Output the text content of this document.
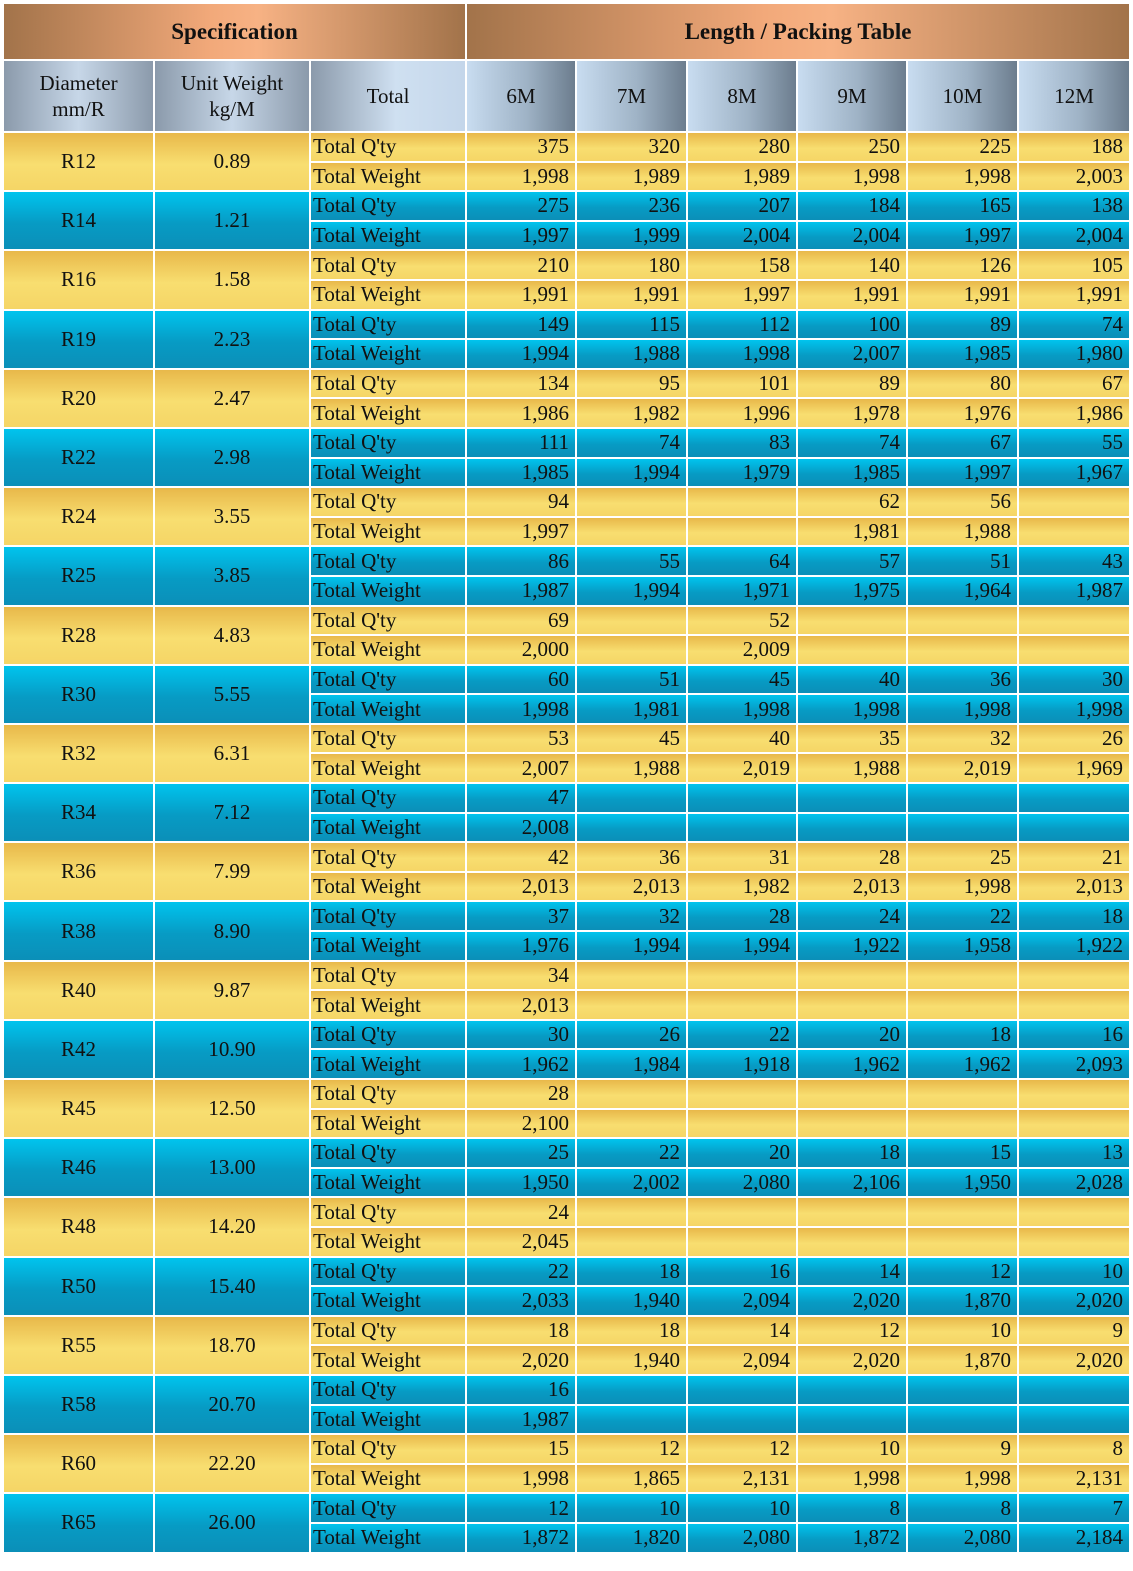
Specification			Length / Packing Table					
Diameter
mm/R	Unit Weight
kg/M	Total	6M	7M	8M	9M	10M	12M
R12	0.89	Total Q'ty	375	320	280	250	225	188
		Total Weight	1,998	1,989	1,989	1,998	1,998	2,003
R14	1.21	Total Q'ty	275	236	207	184	165	138
		Total Weight	1,997	1,999	2,004	2,004	1,997	2,004
R16	1.58	Total Q'ty	210	180	158	140	126	105
		Total Weight	1,991	1,991	1,997	1,991	1,991	1,991
R19	2.23	Total Q'ty	149	115	112	100	89	74
		Total Weight	1,994	1,988	1,998	2,007	1,985	1,980
R20	2.47	Total Q'ty	134	95	101	89	80	67
		Total Weight	1,986	1,982	1,996	1,978	1,976	1,986
R22	2.98	Total Q'ty	111	74	83	74	67	55
		Total Weight	1,985	1,994	1,979	1,985	1,997	1,967
R24	3.55	Total Q'ty	94			62	56	
		Total Weight	1,997			1,981	1,988	
R25	3.85	Total Q'ty	86	55	64	57	51	43
		Total Weight	1,987	1,994	1,971	1,975	1,964	1,987
R28	4.83	Total Q'ty	69		52			
		Total Weight	2,000		2,009			
R30	5.55	Total Q'ty	60	51	45	40	36	30
		Total Weight	1,998	1,981	1,998	1,998	1,998	1,998
R32	6.31	Total Q'ty	53	45	40	35	32	26
		Total Weight	2,007	1,988	2,019	1,988	2,019	1,969
R34	7.12	Total Q'ty	47					
		Total Weight	2,008					
R36	7.99	Total Q'ty	42	36	31	28	25	21
		Total Weight	2,013	2,013	1,982	2,013	1,998	2,013
R38	8.90	Total Q'ty	37	32	28	24	22	18
		Total Weight	1,976	1,994	1,994	1,922	1,958	1,922
R40	9.87	Total Q'ty	34					
		Total Weight	2,013					
R42	10.90	Total Q'ty	30	26	22	20	18	16
		Total Weight	1,962	1,984	1,918	1,962	1,962	2,093
R45	12.50	Total Q'ty	28					
		Total Weight	2,100					
R46	13.00	Total Q'ty	25	22	20	18	15	13
		Total Weight	1,950	2,002	2,080	2,106	1,950	2,028
R48	14.20	Total Q'ty	24					
		Total Weight	2,045					
R50	15.40	Total Q'ty	22	18	16	14	12	10
		Total Weight	2,033	1,940	2,094	2,020	1,870	2,020
R55	18.70	Total Q'ty	18	18	14	12	10	9
		Total Weight	2,020	1,940	2,094	2,020	1,870	2,020
R58	20.70	Total Q'ty	16					
		Total Weight	1,987					
R60	22.20	Total Q'ty	15	12	12	10	9	8
		Total Weight	1,998	1,865	2,131	1,998	1,998	2,131
R65	26.00	Total Q'ty	12	10	10	8	8	7
		Total Weight	1,872	1,820	2,080	1,872	2,080	2,184
